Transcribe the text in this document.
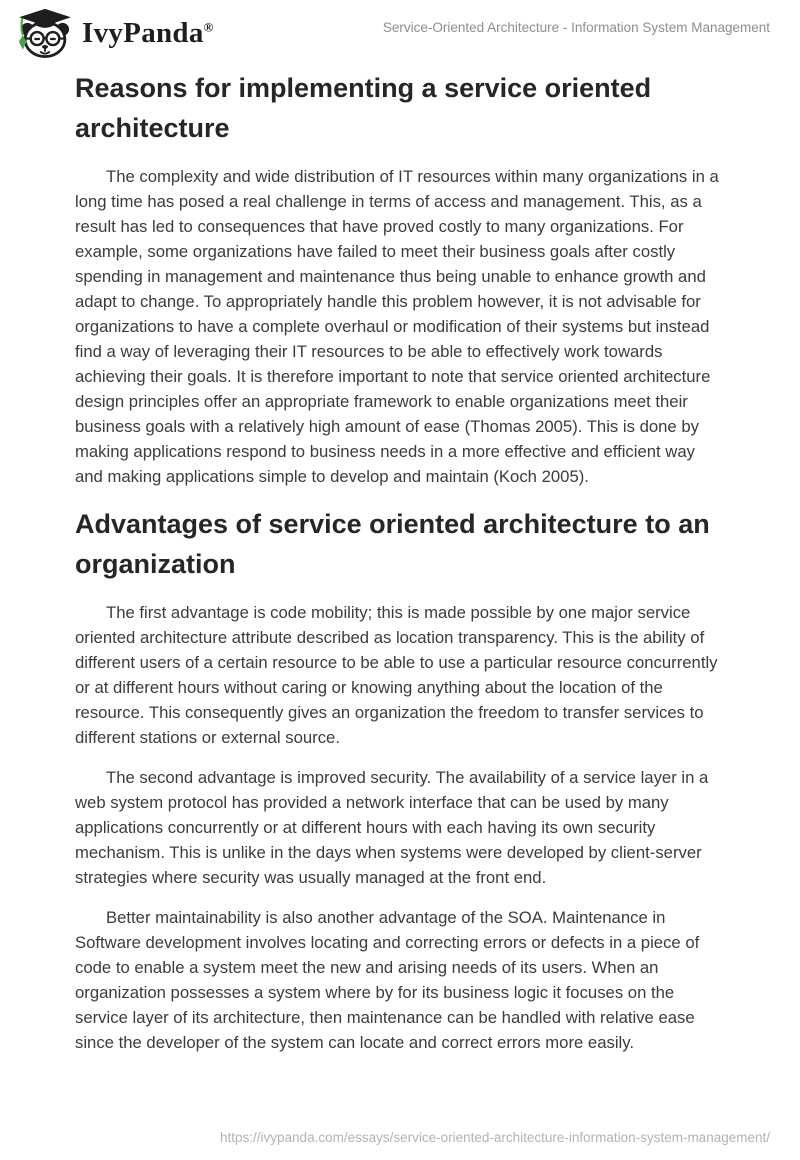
IvyPanda®	Service-Oriented Architecture - Information System Management
Reasons for implementing a service oriented architecture

The complexity and wide distribution of IT resources within many organizations in a long time has posed a real challenge in terms of access and management. This, as a result has led to consequences that have proved costly to many organizations. For example, some organizations have failed to meet their business goals after costly spending in management and maintenance thus being unable to enhance growth and adapt to change. To appropriately handle this problem however, it is not advisable for organizations to have a complete overhaul or modification of their systems but instead find a way of leveraging their IT resources to be able to effectively work towards achieving their goals. It is therefore important to note that service oriented architecture design principles offer an appropriate framework to enable organizations meet their business goals with a relatively high amount of ease (Thomas 2005). This is done by making applications respond to business needs in a more effective and efficient way and making applications simple to develop and maintain (Koch 2005).

Advantages of service oriented architecture to an organization

The first advantage is code mobility; this is made possible by one major service oriented architecture attribute described as location transparency. This is the ability of different users of a certain resource to be able to use a particular resource concurrently or at different hours without caring or knowing anything about the location of the resource. This consequently gives an organization the freedom to transfer services to different stations or external source.

The second advantage is improved security. The availability of a service layer in a web system protocol has provided a network interface that can be used by many applications concurrently or at different hours with each having its own security mechanism. This is unlike in the days when systems were developed by client-server strategies where security was usually managed at the front end.

Better maintainability is also another advantage of the SOA. Maintenance in Software development involves locating and correcting errors or defects in a piece of code to enable a system meet the new and arising needs of its users. When an organization possesses a system where by for its business logic it focuses on the service layer of its architecture, then maintenance can be handled with relative ease since the developer of the system can locate and correct errors more easily.

https://ivypanda.com/essays/service-oriented-architecture-information-system-management/
